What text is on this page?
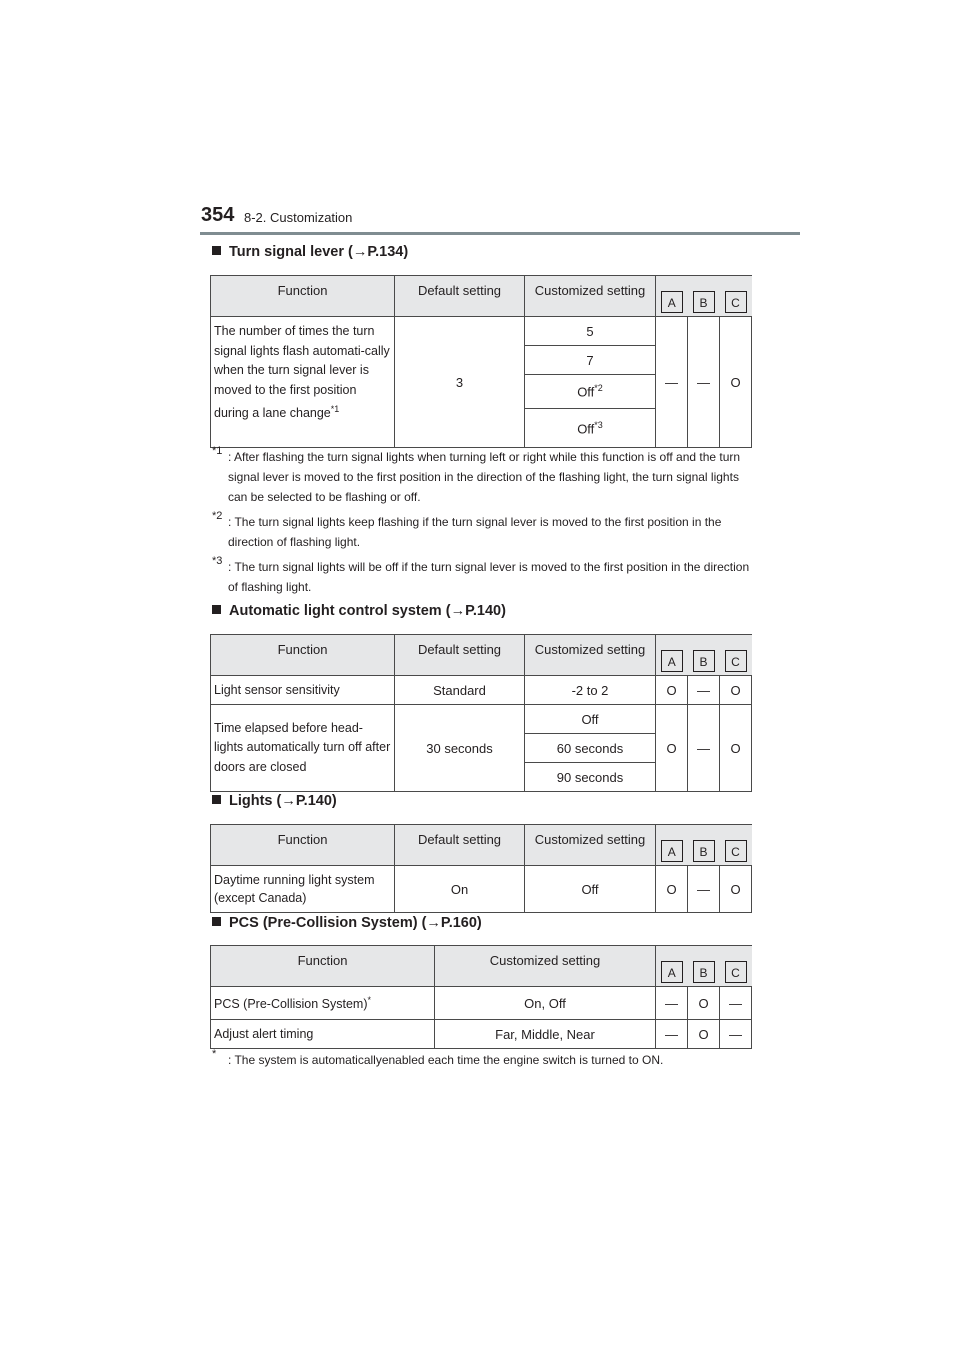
354 8-2. Customization
Turn signal lever (→P.134)
Function	Default setting	Customized setting	A	B	C
The number of times the turn signal lights flash automati-cally when the turn signal lever is moved to the first position during a lane change$^{*1}$	3	5	—	—	O
		7			
		Off$^{*2}$
		Off$^{*3}$
*1 : After flashing the turn signal lights when turning left or right while this function is off and the turn signal lever is moved to the first position in the direction of the flashing light, the turn signal lights can be selected to be flashing or off.
*2 : The turn signal lights keep flashing if the turn signal lever is moved to the first position in the direction of flashing light.
*3 : The turn signal lights will be off if the turn signal lever is moved to the first position in the direction of flashing light.
Automatic light control system (→P.140)
Function	Default setting	Customized setting	A	B	C
Light sensor sensitivity	Standard	-2 to 2	O	—	O
Time elapsed before head-lights automatically turn off after doors are closed	30 seconds	Off	O	—	O
		60 seconds			
		90 seconds			
Lights (→P.140)
Function	Default setting	Customized setting	A	B	C
Daytime running light system (except Canada)	On	Off	O	—	O
PCS (Pre-Collision System) (→P.160)
Function	Customized setting	A	B	C
PCS (Pre-Collision System)*	On, Off	—	O	—
Adjust alert timing	Far, Middle, Near	—	O	—
* : The system is automaticallyenabled each time the engine switch is turned to ON.
